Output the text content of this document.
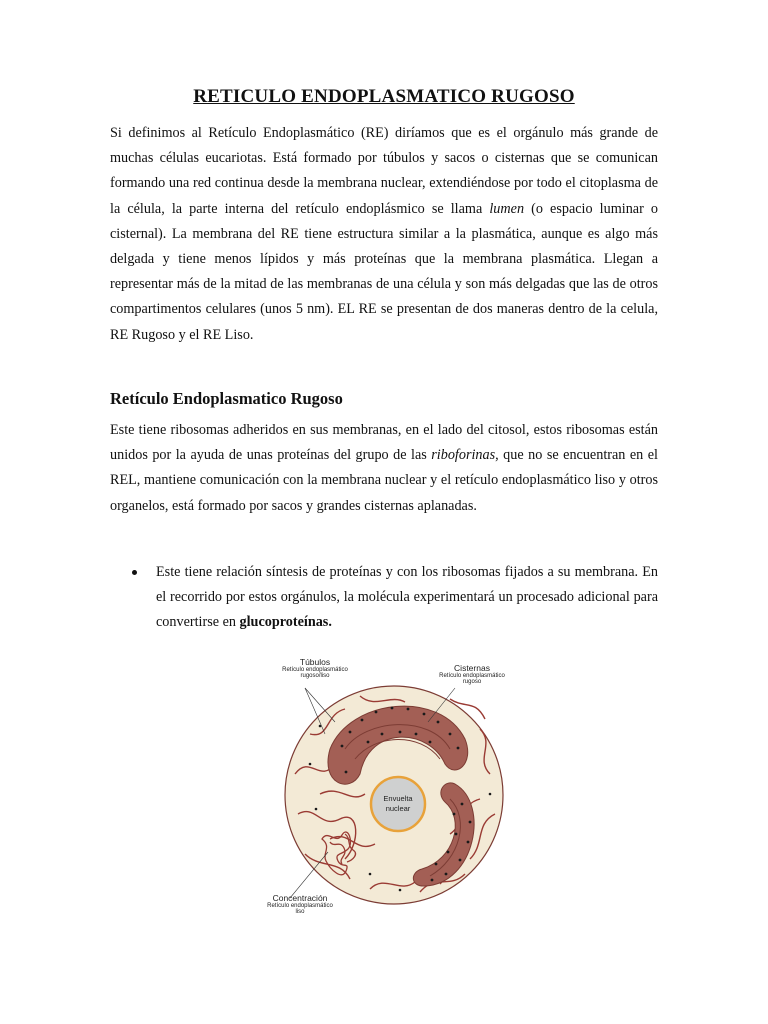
RETICULO ENDOPLASMATICO RUGOSO

Si definimos al Retículo Endoplasmático (RE) diríamos que es el orgánulo más grande de muchas células eucariotas. Está formado por túbulos y sacos o cisternas que se comunican formando una red continua desde la membrana nuclear, extendiéndose por todo el citoplasma de la célula, la parte interna del retículo endoplásmico se llama lumen (o espacio luminar o cisternal). La membrana del RE tiene estructura similar a la plasmática, aunque es algo más delgada y tiene menos lípidos y más proteínas que la membrana plasmática. Llegan a representar más de la mitad de las membranas de una célula y son más delgadas que las de otros compartimentos celulares (unos 5 nm). EL RE se presentan de dos maneras dentro de la celula, RE Rugoso y el RE Liso.

Retículo Endoplasmatico Rugoso

Este tiene ribosomas adheridos en sus membranas, en el lado del citosol, estos ribosomas están unidos por la ayuda de unas proteínas del grupo de las riboforinas, que no se encuentran en el REL, mantiene comunicación con la membrana nuclear y el retículo endoplasmático liso y otros organelos, está formado por sacos y grandes cisternas aplanadas.

Este tiene relación síntesis de proteínas y con los ribosomas fijados a su membrana. En el recorrido por estos orgánulos, la molécula experimentará un procesado adicional para convertirse en glucoproteínas.
Envuelta
nuclear
Túbulos
Retículo endoplasmático
rugoso/liso
Cisternas
Retículo endoplasmático
rugoso
Concentración
Retículo endoplasmático
liso
